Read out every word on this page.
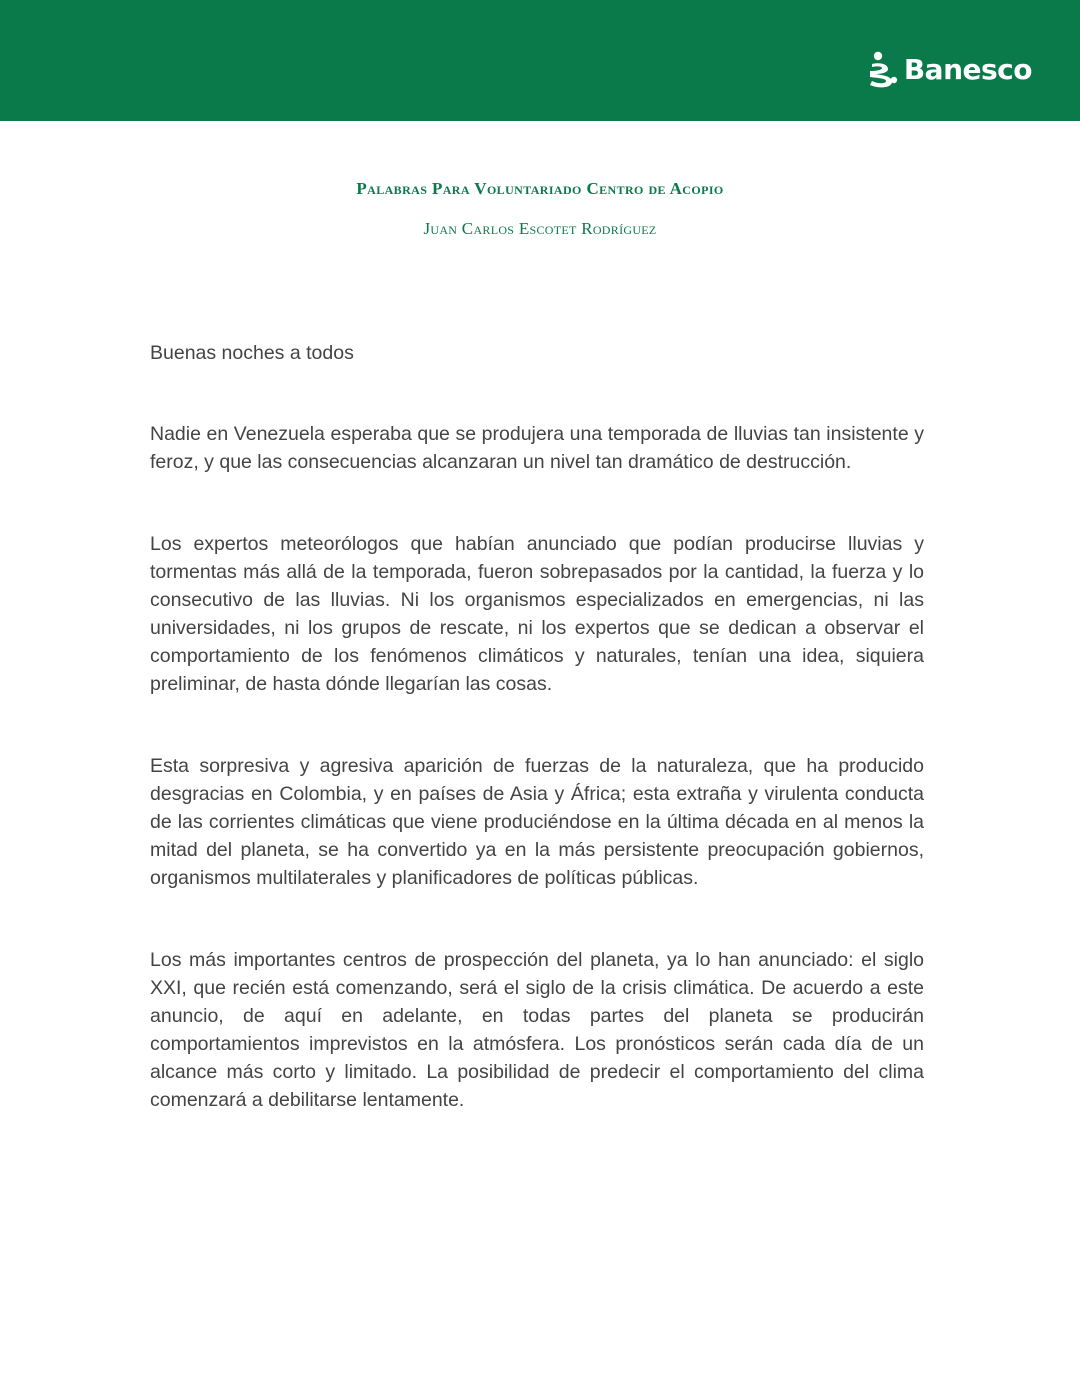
Banesco

Palabras Para Voluntariado Centro de Acopio

Juan Carlos Escotet Rodríguez

Buenas noches a todos

Nadie en Venezuela esperaba que se produjera una temporada de lluvias tan insistente y feroz, y que las consecuencias alcanzaran un nivel tan dramático de destrucción.

Los expertos meteorólogos que habían anunciado que podían producirse lluvias y tormentas más allá de la temporada, fueron sobrepasados por la cantidad, la fuerza y lo consecutivo de las lluvias. Ni los organismos especializados en emergencias, ni las universidades, ni los grupos de rescate, ni los expertos que se dedican a observar el comportamiento de los fenómenos climáticos y naturales, tenían una idea, siquiera preliminar, de hasta dónde llegarían las cosas.

Esta sorpresiva y agresiva aparición de fuerzas de la naturaleza, que ha producido desgracias en Colombia, y en países de Asia y África; esta extraña y virulenta conducta de las corrientes climáticas que viene produciéndose en la última década en al menos la mitad del planeta, se ha convertido ya en la más persistente preocupación gobiernos, organismos multilaterales y planificadores de políticas públicas.

Los más importantes centros de prospección del planeta, ya lo han anunciado: el siglo XXI, que recién está comenzando, será el siglo de la crisis climática. De acuerdo a este anuncio, de aquí en adelante, en todas partes del planeta se producirán comportamientos imprevistos en la atmósfera. Los pronósticos serán cada día de un alcance más corto y limitado. La posibilidad de predecir el comportamiento del clima comenzará a debilitarse lentamente.
